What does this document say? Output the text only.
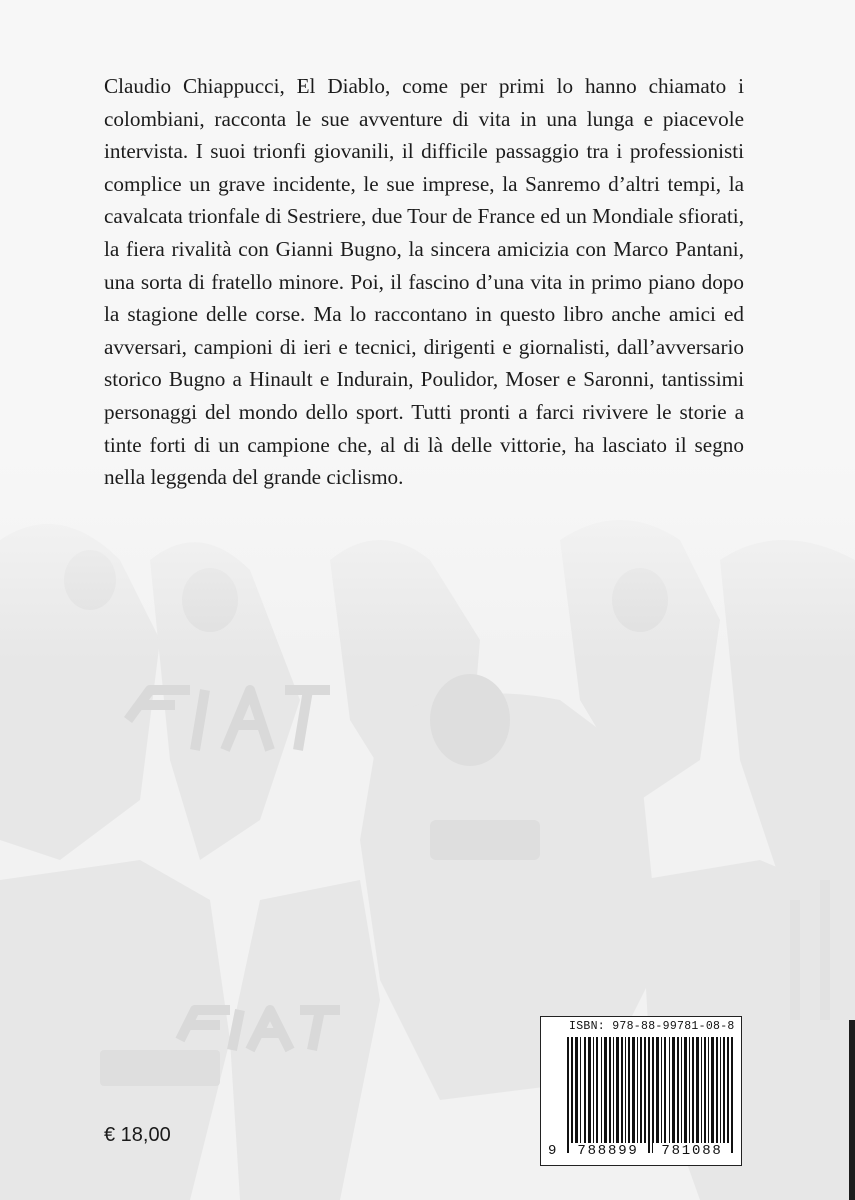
Claudio Chiappucci, El Diablo, come per primi lo hanno chiamato i colombiani, racconta le sue avventure di vita in una lunga e piacevole intervista. I suoi trionfi giovanili, il difficile passaggio tra i professionisti complice un grave incidente, le sue imprese, la Sanremo d’altri tempi, la cavalcata trionfale di Sestriere, due Tour de France ed un Mondiale sfiorati, la fiera rivalità con Gianni Bugno, la sincera amicizia con Marco Pantani, una sorta di fratello minore. Poi, il fascino d’una vita in primo piano dopo la stagione delle corse. Ma lo raccontano in questo libro anche amici ed avversari, campioni di ieri e tecnici, dirigenti e giornalisti, dall’avversario storico Bugno a Hinault e Indurain, Poulidor, Moser e Saronni, tantissimi personaggi del mondo dello sport. Tutti pronti a farci rivivere le storie a tinte forti di un campione che, al di là delle vittorie, ha lasciato il segno nella leggenda del grande ciclismo.

€ 18,00
ISBN: 978-88-99781-08-8
9	788899	781088
